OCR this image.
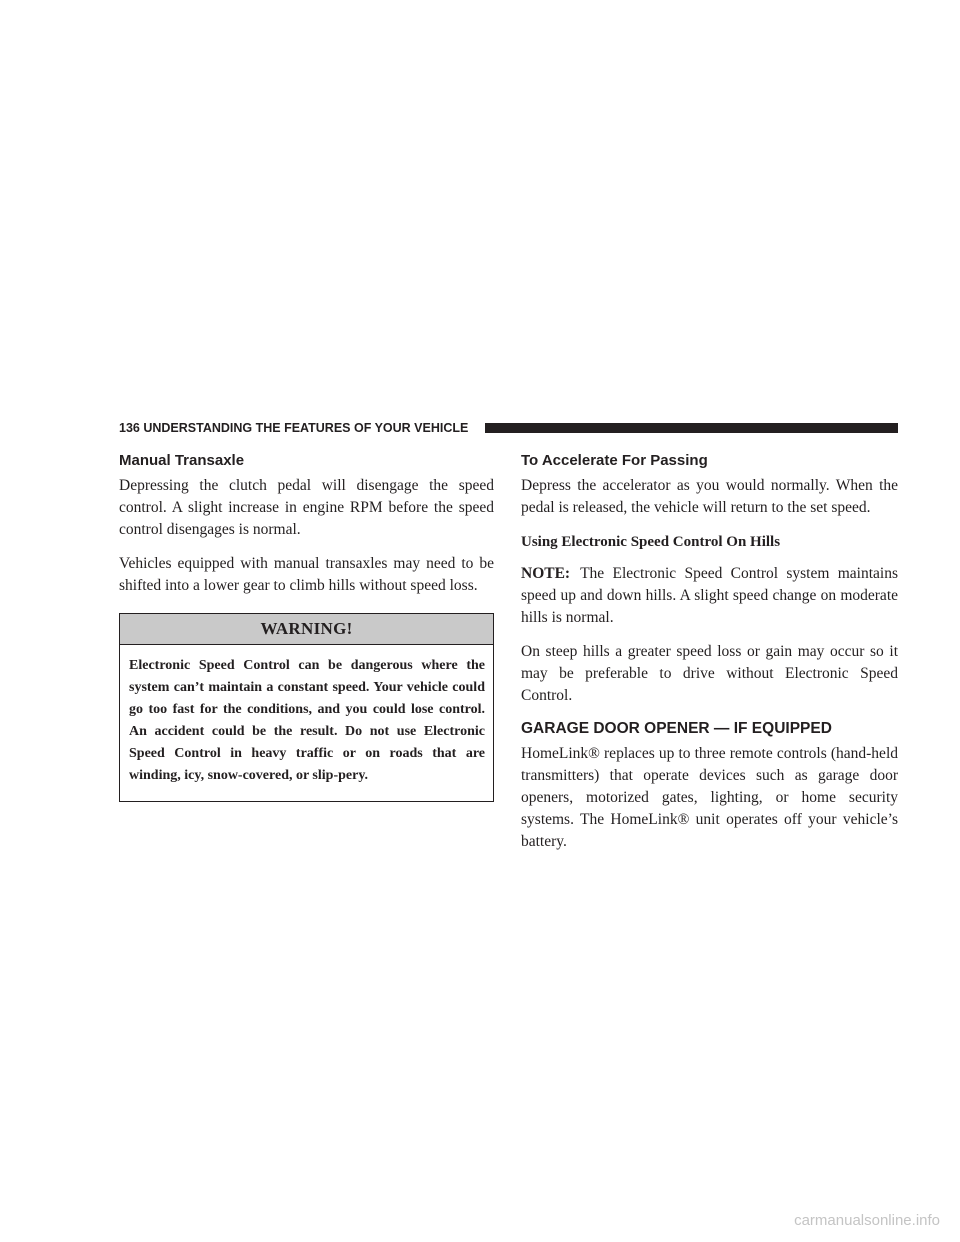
136 UNDERSTANDING THE FEATURES OF YOUR VEHICLE
Manual Transaxle

Depressing the clutch pedal will disengage the speed control. A slight increase in engine RPM before the speed control disengages is normal.

Vehicles equipped with manual transaxles may need to be shifted into a lower gear to climb hills without speed loss.

WARNING!
Electronic Speed Control can be dangerous where the system can’t maintain a constant speed. Your vehicle could go too fast for the conditions, and you could lose control. An accident could be the result. Do not use Electronic Speed Control in heavy traffic or on roads that are winding, icy, snow-covered, or slip-pery.
To Accelerate For Passing

Depress the accelerator as you would normally. When the pedal is released, the vehicle will return to the set speed.

Using Electronic Speed Control On Hills

NOTE: The Electronic Speed Control system maintains speed up and down hills. A slight speed change on moderate hills is normal.

On steep hills a greater speed loss or gain may occur so it may be preferable to drive without Electronic Speed Control.

GARAGE DOOR OPENER — IF EQUIPPED

HomeLink® replaces up to three remote controls (hand-held transmitters) that operate devices such as garage door openers, motorized gates, lighting, or home security systems. The HomeLink® unit operates off your vehicle’s battery.

carmanualsonline.info
